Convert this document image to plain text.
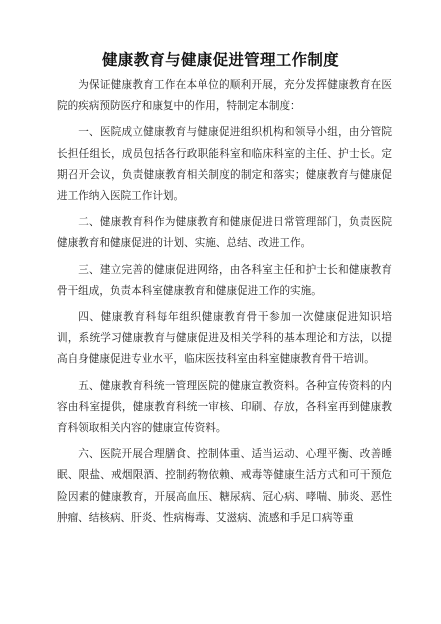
健康教育与健康促进管理工作制度

为保证健康教育工作在本单位的顺利开展，充分发挥健康教育在医院的疾病预防医疗和康复中的作用，特制定本制度：

一、医院成立健康教育与健康促进组织机构和领导小组，由分管院长担任组长，成员包括各行政职能科室和临床科室的主任、护士长。定期召开会议，负责健康教育相关制度的制定和落实；健康教育与健康促进工作纳入医院工作计划。

二、健康教育科作为健康教育和健康促进日常管理部门，负责医院健康教育和健康促进的计划、实施、总结、改进工作。

三、建立完善的健康促进网络，由各科室主任和护士长和健康教育骨干组成，负责本科室健康教育和健康促进工作的实施。

四、健康教育科每年组织健康教育骨干参加一次健康促进知识培训，系统学习健康教育与健康促进及相关学科的基本理论和方法，以提高自身健康促进专业水平，临床医技科室由科室健康教育骨干培训。

五、健康教育科统一管理医院的健康宣教资料。各种宣传资料的内容由科室提供，健康教育科统一审核、印刷、存放，各科室再到健康教育科领取相关内容的健康宣传资料。

六、医院开展合理膳食、控制体重、适当运动、心理平衡、改善睡眠、限盐、戒烟限酒、控制药物依赖、戒毒等健康生活方式和可干预危险因素的健康教育，开展高血压、糖尿病、冠心病、哮喘、肺炎、恶性肿瘤、结核病、肝炎、性病梅毒、艾滋病、流感和手足口病等重
